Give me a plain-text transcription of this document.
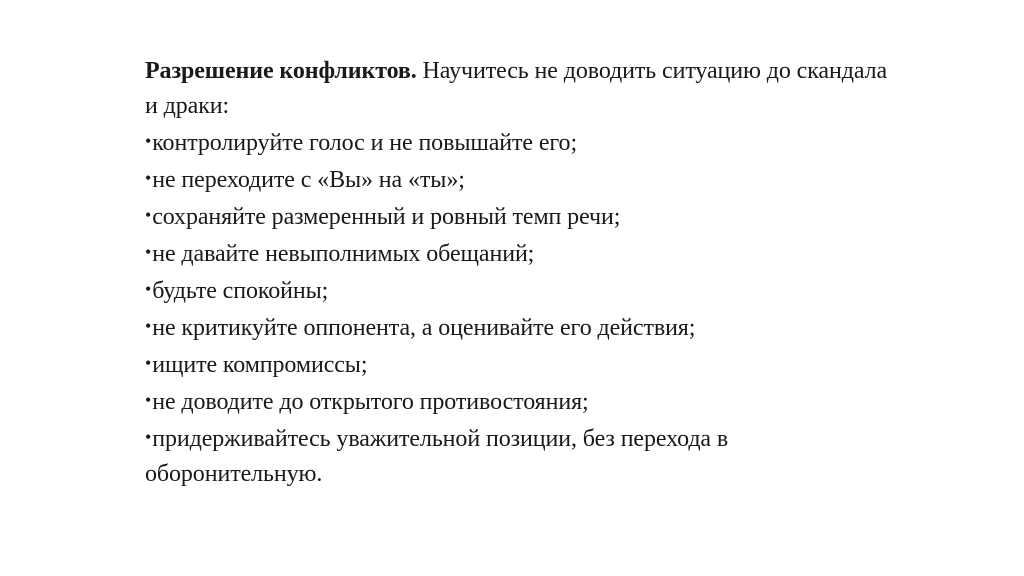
Разрешение конфликтов. Научитесь не доводить ситуацию до скандала и драки:

•контролируйте голос и не повышайте его;
•не переходите с «Вы» на «ты»;
•сохраняйте размеренный и ровный темп речи;
•не давайте невыполнимых обещаний;
•будьте спокойны;
•не критикуйте оппонента, а оценивайте его действия;
•ищите компромиссы;
•не доводите до открытого противостояния;
•придерживайтесь уважительной позиции, без перехода в оборонительную.
